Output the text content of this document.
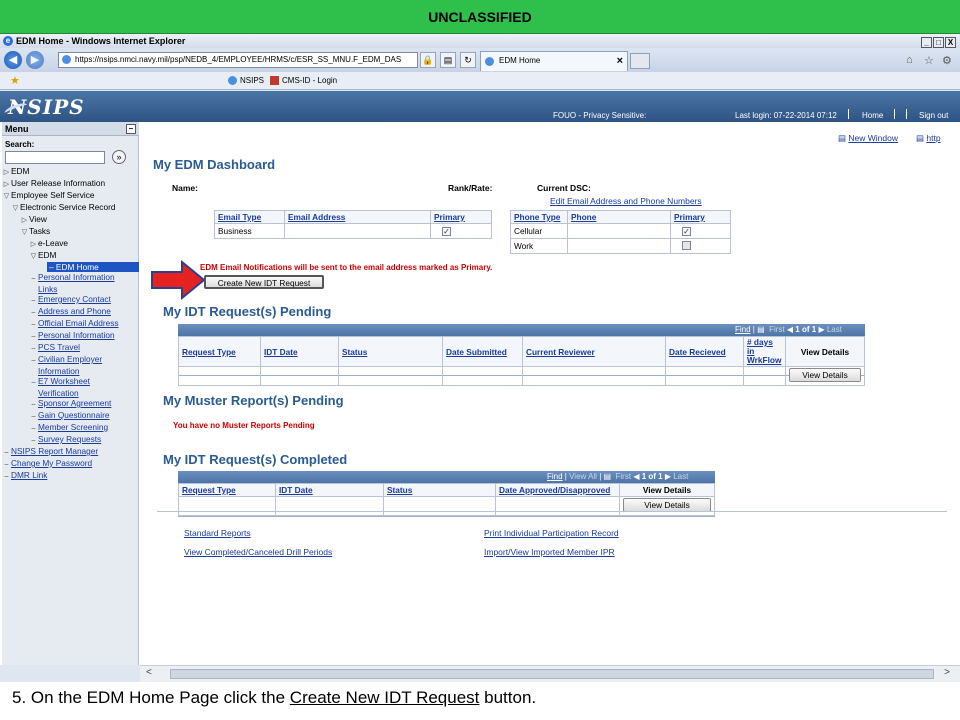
UNCLASSIFIED
e EDM Home - Windows Internet Explorer	_ □ X
◀	▶	https://nsips.nmci.navy.mil/psp/NEDB_4/EMPLOYEE/HRMS/c/ESR_SS_MNU.F_EDM_DAS	🔒	▤	↻	EDM Home	×	⌂ ☆ ⚙
★	NSIPS	CMS-ID - Login
NSIPS	FOUO - Privacy Sensitive:	Last login: 07-22-2014 07:12	Home	Sign out
Menu	–
Search:
»
▷ EDM
▷ User Release Information
▽ Employee Self Service
▽ Electronic Service Record
▷ View
▽ Tasks
▷ e-Leave
▽ EDM
– EDM Home
– Personal Information
Links
– Emergency Contact
– Address and Phone
– Official Email Address
– Personal Information
– PCS Travel
– Civilian Employer
Information
– E7 Worksheet
Verification
– Sponsor Agreement
– Gain Questionnaire
– Member Screening
– Survey Requests
– NSIPS Report Manager
– Change My Password
– DMR Link
▤ New Window ▤ http
My EDM Dashboard
Name:	Rank/Rate:	Current DSC:
Edit Email Address and Phone Numbers
Email Type	Email Address	Primary
Business		✓
Phone Type	Phone	Primary
Cellular		✓
Work		
EDM Email Notifications will be sent to the email address marked as Primary.
Create New IDT Request
My IDT Request(s) Pending
Find | ▤ First ◀ 1 of 1 ▶ Last
Request Type	IDT Date	Status	Date Submitted	Current Reviewer	Date Recieved	# days in WrkFlow	View Details

							View Details
My Muster Report(s) Pending
You have no Muster Reports Pending
My IDT Request(s) Completed
Find | View All | ▤ First ◀ 1 of 1 ▶ Last
Request Type	IDT Date	Status	Date Approved/Disapproved	View Details

				View Details
Standard Reports
View Completed/Canceled Drill Periods
Print Individual Participation Record
Import/View Imported Member IPR
<	>
5. On the EDM Home Page click the Create New IDT Request button.
